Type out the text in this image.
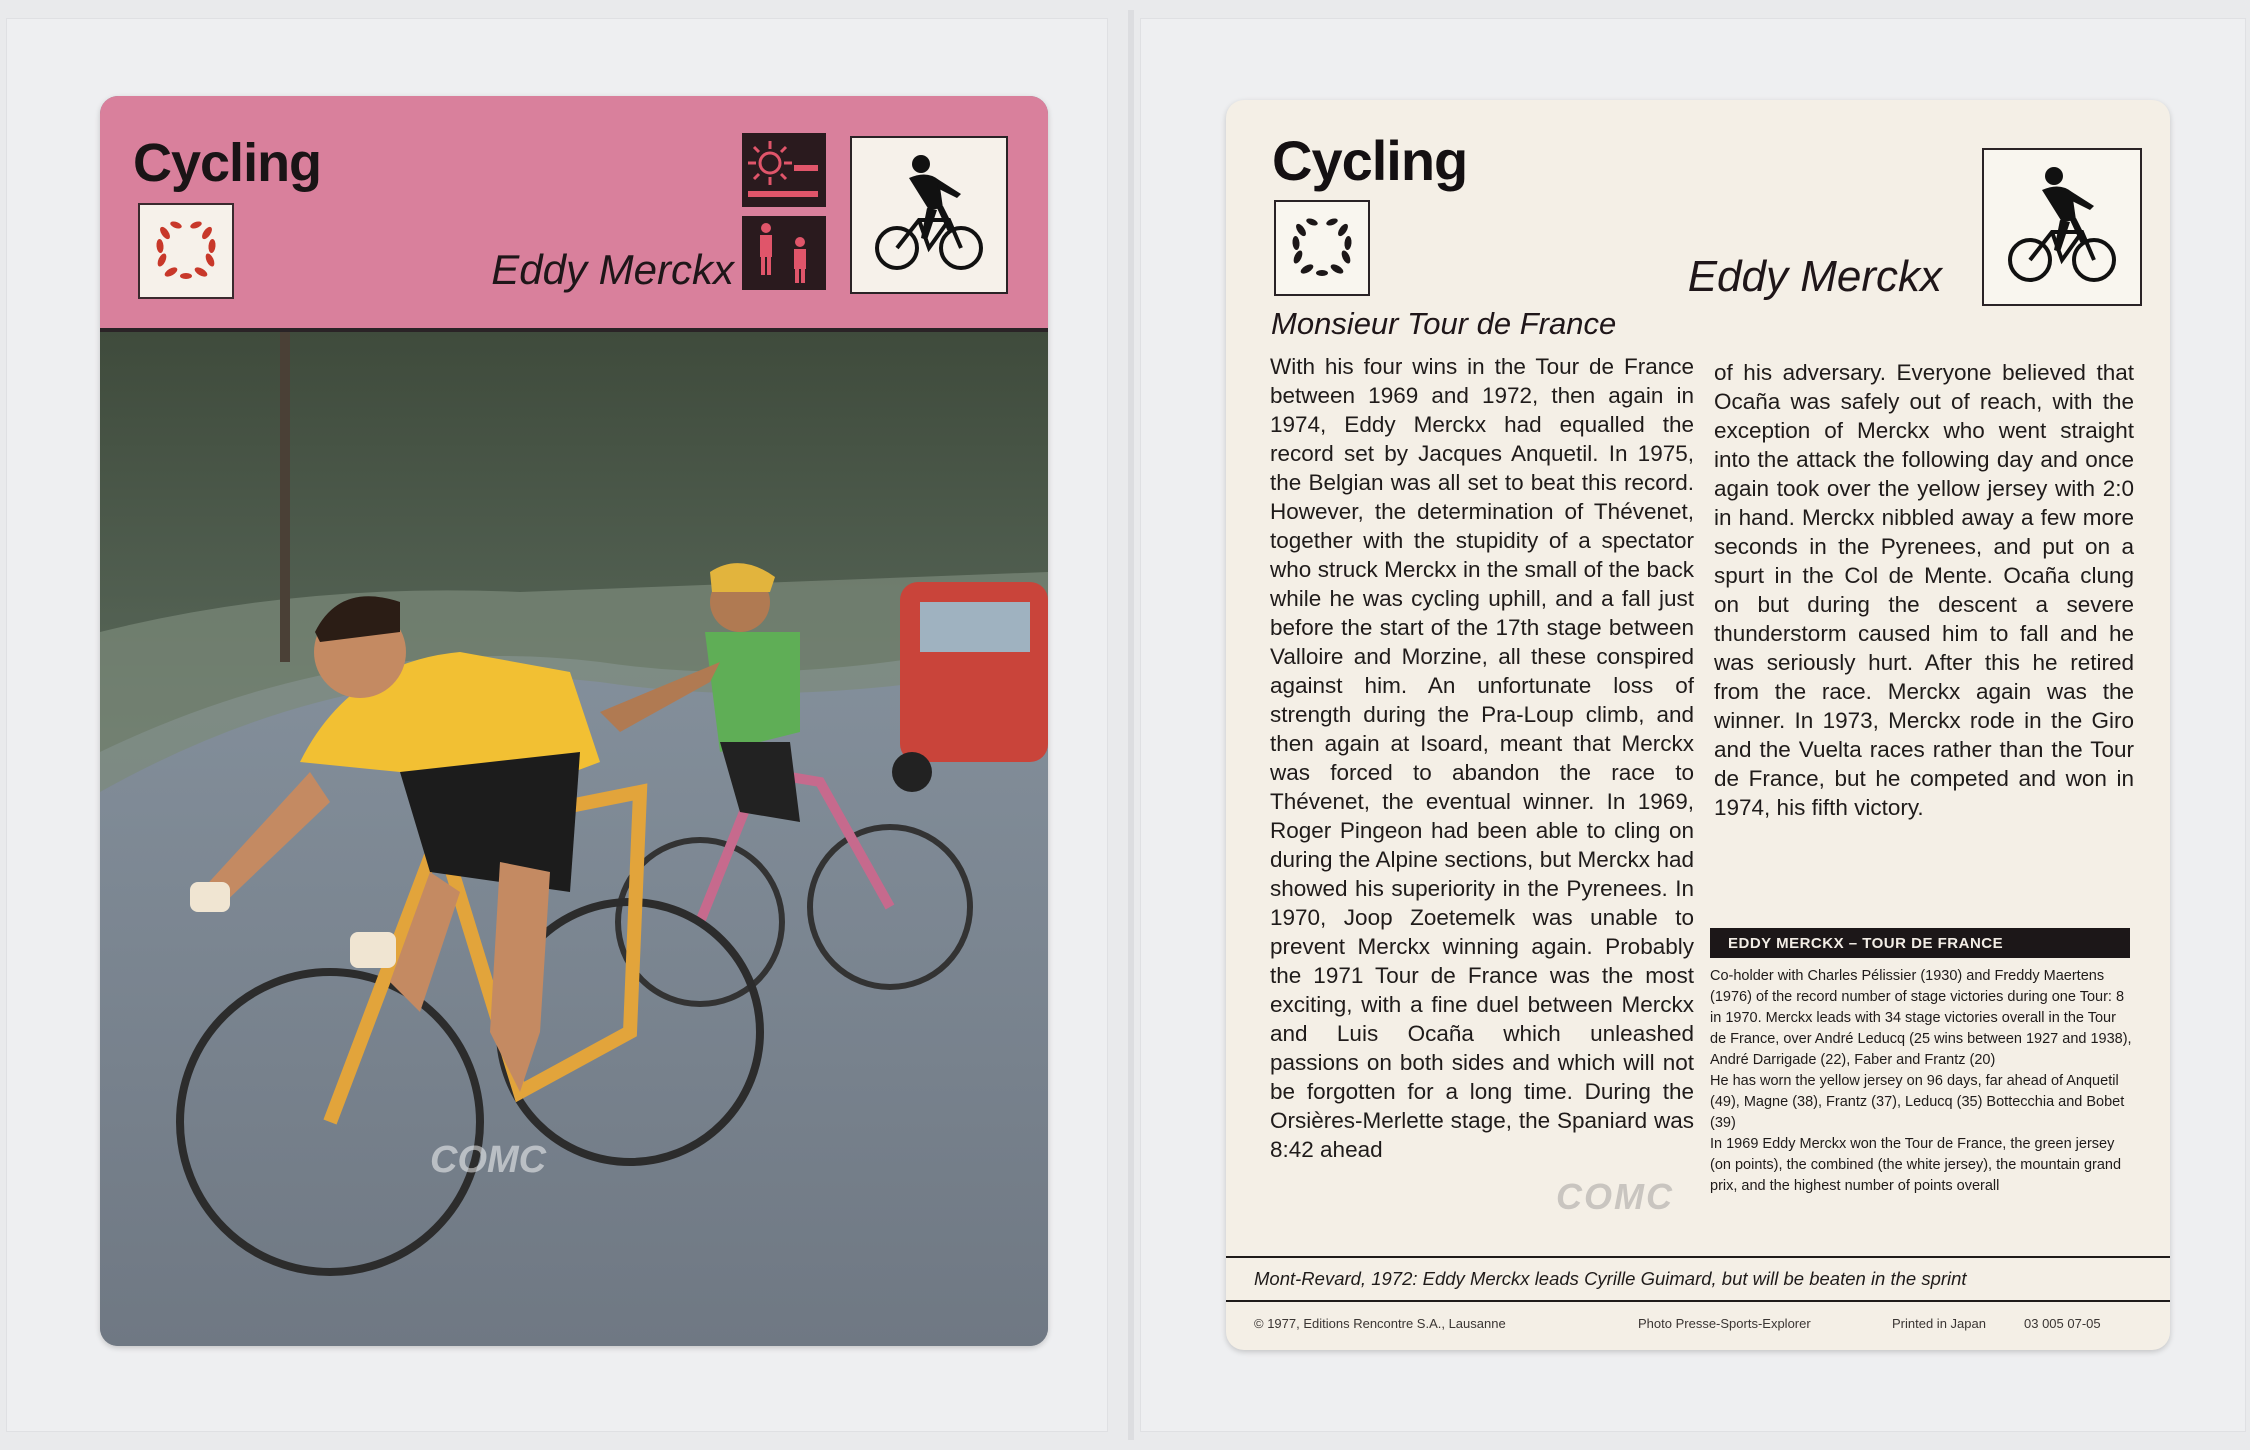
Cycling
Eddy Merckx
COMC
Cycling
Eddy Merckx
Monsieur Tour de France
With his four wins in the Tour de France between 1969 and 1972, then again in 1974, Eddy Merckx had equalled the record set by Jacques Anquetil. In 1975, the Belgian was all set to beat this record. However, the determination of Thévenet, together with the stupidity of a spectator who struck Merckx in the small of the back while he was cycling uphill, and a fall just before the start of the 17th stage between Valloire and Morzine, all these conspired against him. An unfortunate loss of strength during the Pra-Loup climb, and then again at Isoard, meant that Merckx was forced to abandon the race to Thévenet, the eventual winner. In 1969, Roger Pingeon had been able to cling on during the Alpine sections, but Merckx had showed his superiority in the Pyrenees. In 1970, Joop Zoetemelk was unable to prevent Merckx winning again. Probably the 1971 Tour de France was the most exciting, with a fine duel between Merckx and Luis Ocaña which unleashed passions on both sides and which will not be forgotten for a long time. During the Orsières-Merlette stage, the Spaniard was 8:42 ahead
of his adversary. Everyone believed that Ocaña was safely out of reach, with the exception of Merckx who went straight into the attack the following day and once again took over the yellow jersey with 2:0 in hand. Merckx nibbled away a few more seconds in the Pyrenees, and put on a spurt in the Col de Mente. Ocaña clung on but during the descent a severe thunderstorm caused him to fall and he was seriously hurt. After this he retired from the race. Merckx again was the winner. In 1973, Merckx rode in the Giro and the Vuelta races rather than the Tour de France, but he competed and won in 1974, his fifth victory.
EDDY MERCKX – TOUR DE FRANCE

Co-holder with Charles Pélissier (1930) and Freddy Maertens (1976) of the record number of stage victories during one Tour: 8 in 1970. Merckx leads with 34 stage victories overall in the Tour de France, over André Leducq (25 wins between 1927 and 1938), André Darrigade (22), Faber and Frantz (20)

He has worn the yellow jersey on 96 days, far ahead of Anquetil (49), Magne (38), Frantz (37), Leducq (35) Bottecchia and Bobet (39)

In 1969 Eddy Merckx won the Tour de France, the green jersey (on points), the combined (the white jersey), the mountain grand prix, and the highest number of points overall

Mont-Revard, 1972: Eddy Merckx leads Cyrille Guimard, but will be beaten in the sprint
© 1977, Editions Rencontre S.A., Lausanne	Photo Presse-Sports-Explorer	Printed in Japan	03 005 07-05
COMC
